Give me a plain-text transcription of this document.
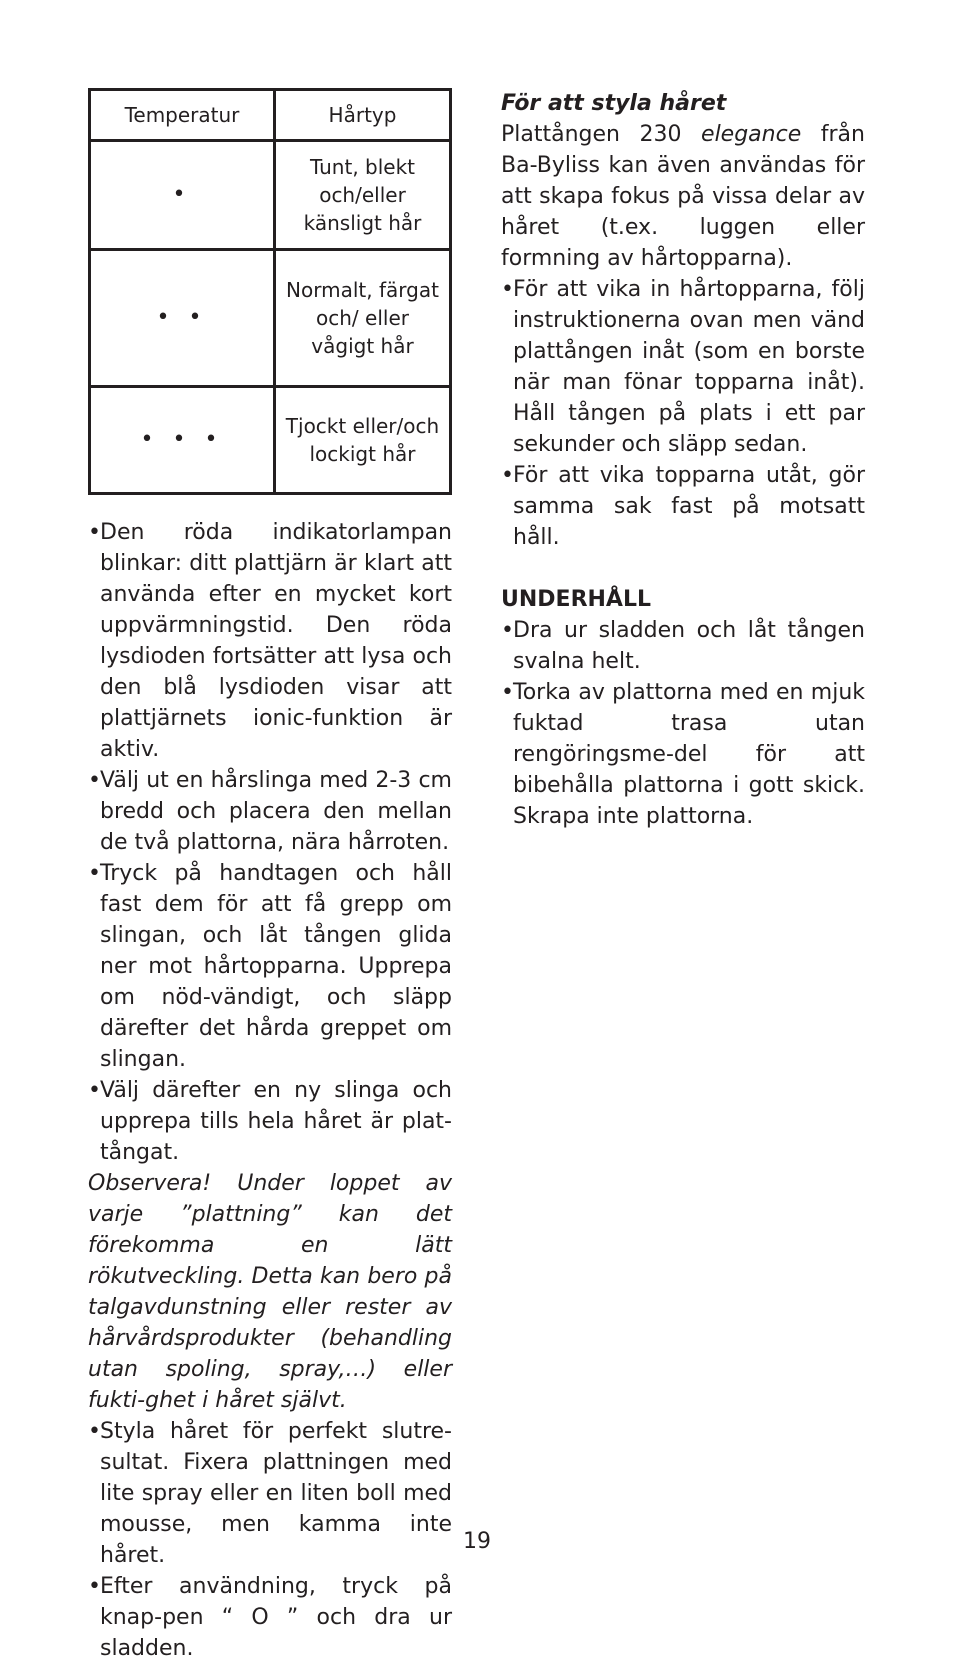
Temperatur	Hårtyp
•	Tunt, blekt och/eller känsligt hår
• •	Normalt, färgat och/ eller vågigt hår
• • •	Tjockt eller/och lockigt hår
• Den röda indikatorlampan blinkar: ditt plattjärn är klart att använda efter en mycket kort uppvärmningstid. Den röda lysdioden fortsätter att lysa och den blå lysdioden visar att plattjärnets ionic-funktion är aktiv.
• Välj ut en hårslinga med 2-3 cm bredd och placera den mellan de två plattorna, nära hårroten.
• Tryck på handtagen och håll fast dem för att få grepp om slingan, och låt tången glida ner mot hårtopparna. Upprepa om nöd-vändigt, och släpp därefter det hårda greppet om slingan.
• Välj därefter en ny slinga och upprepa tills hela håret är plat-tångat.

Observera! Under loppet av varje ”plattning” kan det förekomma en lätt rökutveckling. Detta kan bero på talgavdunstning eller rester av hårvårdsprodukter (behandling utan spoling, spray,…) eller fukti-ghet i håret självt.

• Styla håret för perfekt slutre-sultat. Fixera plattningen med lite spray eller en liten boll med mousse, men kamma inte håret.
• Efter användning, tryck på knap-pen “ O ” och dra ur sladden.

För att styla håret

Plattången 230 elegance från Ba-Byliss kan även användas för att skapa fokus på vissa delar av håret (t.ex. luggen eller formning av hårtopparna).

• För att vika in hårtopparna, följ instruktionerna ovan men vänd plattången inåt (som en borste när man fönar topparna inåt). Håll tången på plats i ett par sekunder och släpp sedan.
• För att vika topparna utåt, gör samma sak fast på motsatt håll.

UNDERHÅLL

• Dra ur sladden och låt tången svalna helt.
• Torka av plattorna med en mjuk fuktad trasa utan rengöringsme-del för att bibehålla plattorna i gott skick. Skrapa inte plattorna.
19
